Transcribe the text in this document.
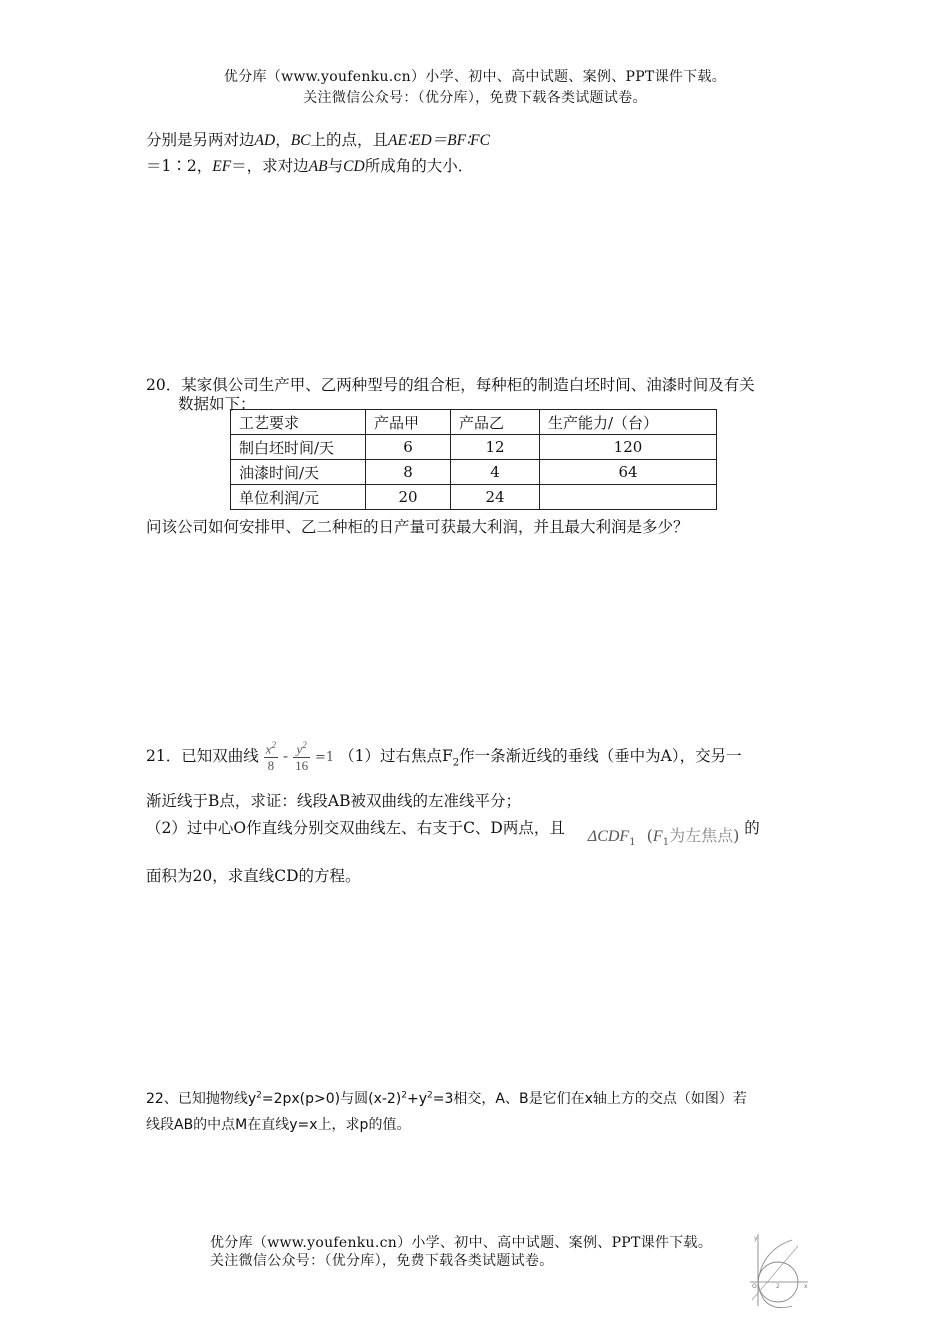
优分库（www.youfenku.cn）小学、初中、高中试题、案例、PPT课件下载。
关注微信公众号：（优分库），免费下载各类试题试卷。
分别是另两对边AD，BC上的点，且AE∶ED＝BF∶FC
＝1∶2，EF＝，求对边AB与CD所成角的大小．
20．某家俱公司生产甲、乙两种型号的组合柜，每种柜的制造白坯时间、油漆时间及有关
数据如下：
工艺要求	产品甲	产品乙	生产能力/（台）
制白坯时间/天	6	12	120
油漆时间/天	8	4	64
单位利润/元	20	24	
问该公司如何安排甲、乙二种柜的日产量可获最大利润，并且最大利润是多少？
21．已知双曲线 $\frac{x^2}{8} - \frac{y^2}{16} =1$ （1）过右焦点$F_2$作一条渐近线的垂线（垂中为A），交另一
渐近线于B点，求证：线段AB被双曲线的左准线平分；
（2）过中心O作直线分别交双曲线左、右支于C、D两点，且 $\Delta CDF_1$ ($F_1$为左焦点) 的
面积为20，求直线CD的方程。
22、已知抛物线$y^2=2px(p>0)$与圆$(x-2)^2+y^2=3$相交，A、B是它们在x轴上方的交点（如图）若
线段AB的中点M在直线y=x上，求p的值。
优分库（www.youfenku.cn）小学、初中、高中试题、案例、PPT课件下载。
关注微信公众号：（优分库），免费下载各类试题试卷。
y
x
O	2
